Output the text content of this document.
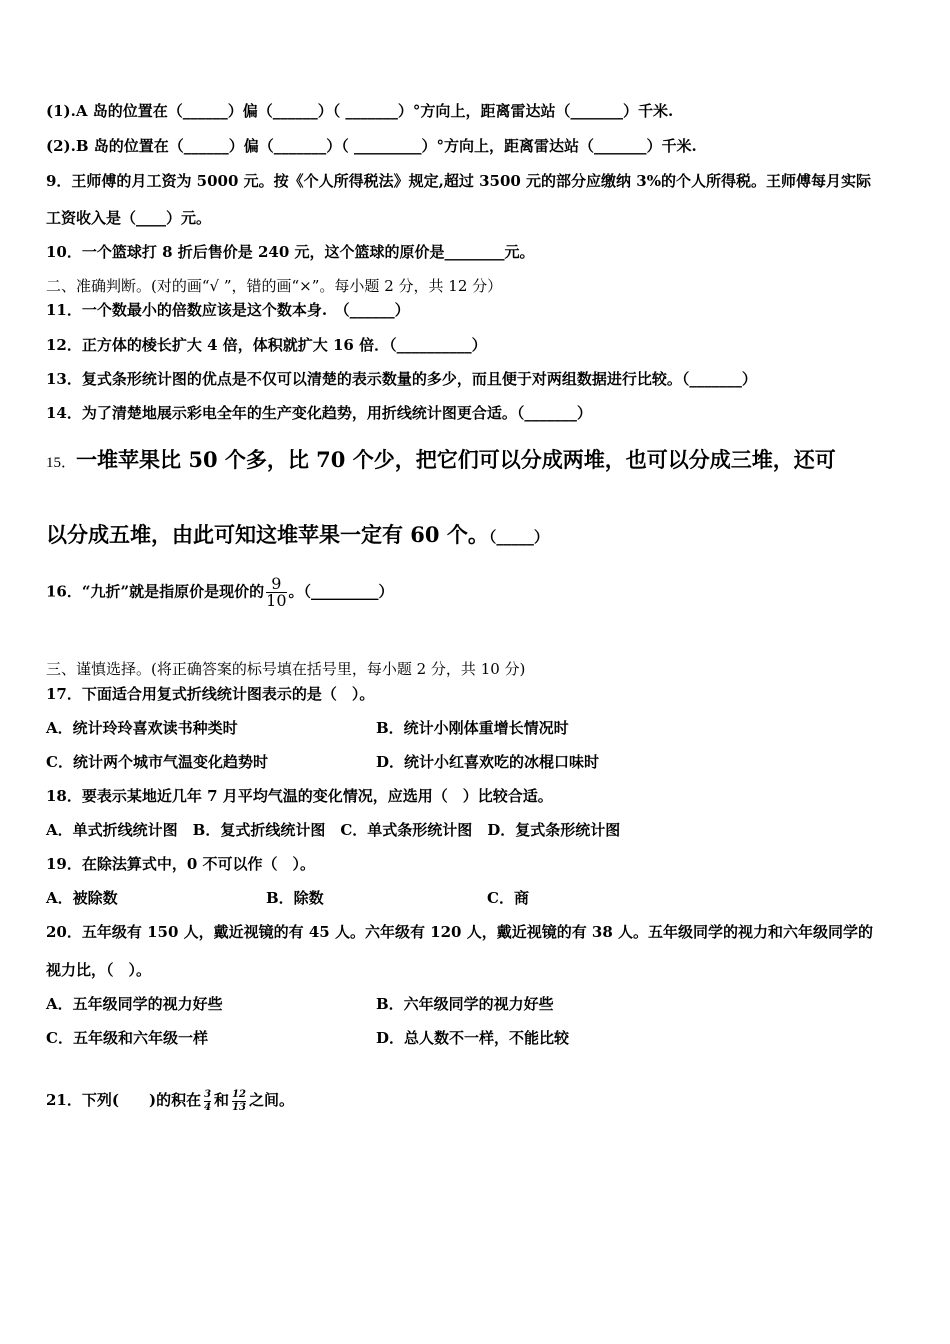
(1).A 岛的位置在（______）偏（______）（ _______）°方向上，距离雷达站（_______）千米.
(2).B 岛的位置在（______）偏（_______）（ _________）°方向上，距离雷达站（_______）千米.
9．王师傅的月工资为 5000 元。按《个人所得税法》规定,超过 3500 元的部分应缴纳 3%的个人所得税。王师傅每月实际
工资收入是（____）元。
10．一个篮球打 8 折后售价是 240 元，这个篮球的原价是________元。
二、准确判断。(对的画“√ ”，错的画“×”。每小题 2 分，共 12 分）
11．一个数最小的倍数应该是这个数本身.　（______）
12．正方体的棱长扩大 4 倍，体积就扩大 16 倍．（__________）
13．复式条形统计图的优点是不仅可以清楚的表示数量的多少，而且便于对两组数据进行比较。（_______）
14．为了清楚地展示彩电全年的生产变化趋势，用折线统计图更合适。（_______）
15．一堆苹果比 50 个多，比 70 个少，把它们可以分成两堆，也可以分成三堆，还可
以分成五堆，由此可知这堆苹果一定有 60 个。（_____）
16．“九折”就是指原价是现价的 $\frac{9}{10}$ 。（_________）
三、谨慎选择。(将正确答案的标号填在括号里，每小题 2 分，共 10 分)
17．下面适合用复式折线统计图表示的是（　）。
A．统计玲玲喜欢读书种类时	B．统计小刚体重增长情况时
C．统计两个城市气温变化趋势时	D．统计小红喜欢吃的冰棍口味时
18．要表示某地近几年 7 月平均气温的变化情况，应选用（　）比较合适。
A．单式折线统计图　B．复式折线统计图　C．单式条形统计图　D．复式条形统计图
19．在除法算式中，0 不可以作（　）。
A．被除数	B．除数	C．商
20．五年级有 150 人，戴近视镜的有 45 人。六年级有 120 人，戴近视镜的有 38 人。五年级同学的视力和六年级同学的
视力比，（　）。
A．五年级同学的视力好些	B．六年级同学的视力好些
C．五年级和六年级一样	D．总人数不一样，不能比较
21．下列(　　)的积在 $\frac{3}{4}$ 和 $\frac{12}{13}$ 之间。
